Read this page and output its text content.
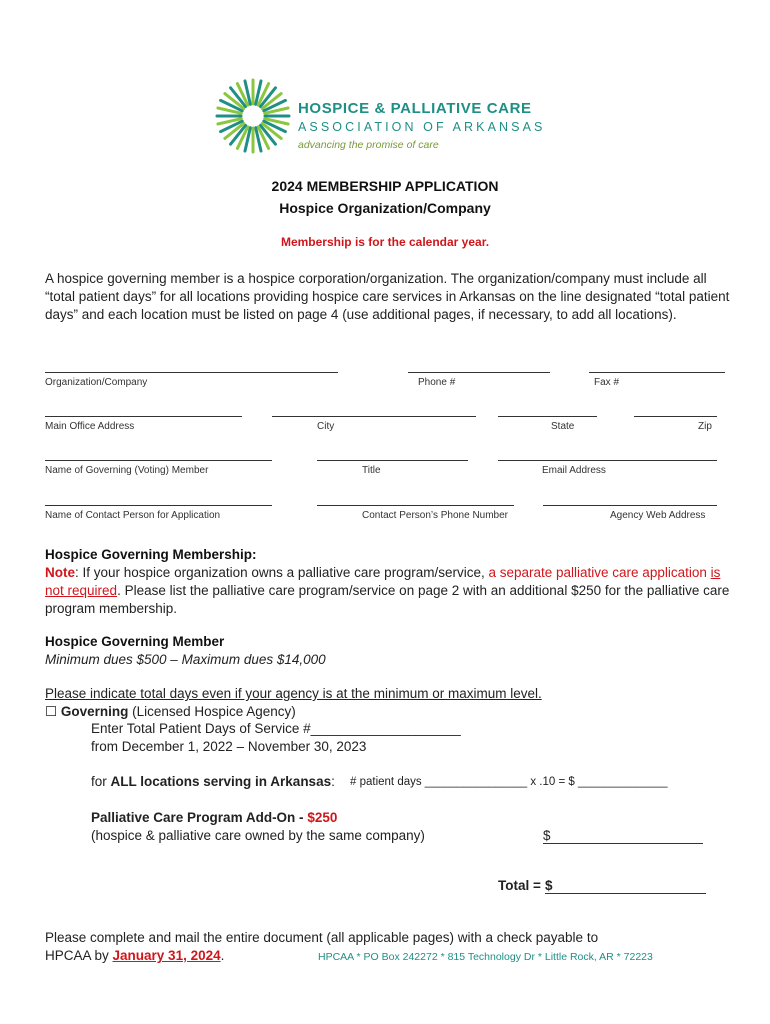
HOSPICE & PALLIATIVE CARE
ASSOCIATION OF ARKANSAS
advancing the promise of care
2024 MEMBERSHIP APPLICATION
Hospice Organization/Company
Membership is for the calendar year.
A hospice governing member is a hospice corporation/organization. The organization/company must include all “total patient days” for all locations providing hospice care services in Arkansas on the line designated “total patient days” and each location must be listed on page 4 (use additional pages, if necessary, to add all locations).
Organization/Company	Phone #	Fax #
Main Office Address	City	State	Zip
Name of Governing (Voting) Member	Title	Email Address
Name of Contact Person for Application	Contact Person’s Phone Number	Agency Web Address
Hospice Governing Membership:
Note: If your hospice organization owns a palliative care program/service, a separate palliative care application is not required. Please list the palliative care program/service on page 2 with an additional $250 for the palliative care program membership.
Hospice Governing Member
Minimum dues $500 – Maximum dues $14,000
Please indicate total days even if your agency is at the minimum or maximum level.
☐ Governing (Licensed Hospice Agency)
Enter Total Patient Days of Service #____________________
from December 1, 2022 – November 30, 2023
for ALL locations serving in Arkansas: # patient days ________________ x .10 = $ ______________
Palliative Care Program Add-On - $250
(hospice & palliative care owned by the same company)	$
Total = $
Please complete and mail the entire document (all applicable pages) with a check payable to
HPCAA by January 31, 2024.	HPCAA * PO Box 242272 * 815 Technology Dr * Little Rock, AR * 72223
